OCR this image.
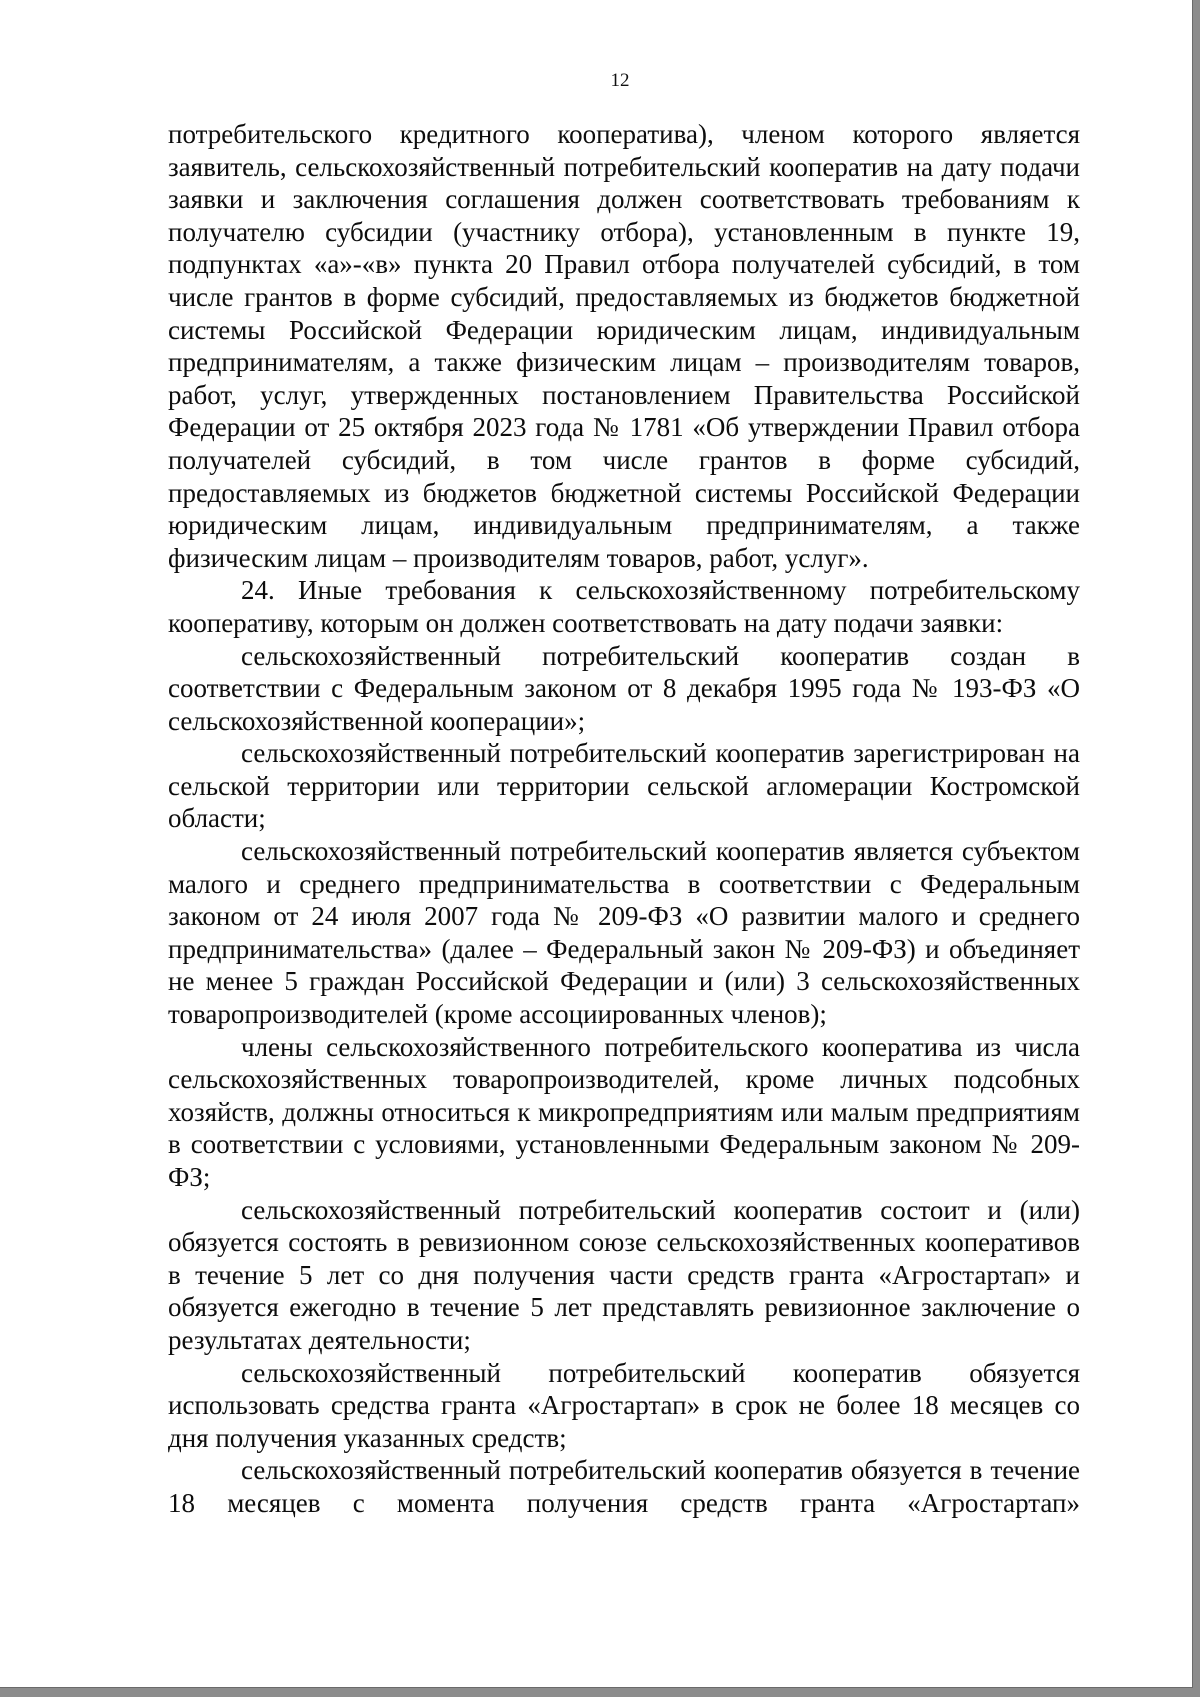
12

потребительского кредитного кооператива), членом которого является заявитель, сельскохозяйственный потребительский кооператив на дату подачи заявки и заключения соглашения должен соответствовать требованиям к получателю субсидии (участнику отбора), установленным в пункте 19, подпунктах «а»-«в» пункта 20 Правил отбора получателей субсидий, в том числе грантов в форме субсидий, предоставляемых из бюджетов бюджетной системы Российской Федерации юридическим лицам, индивидуальным предпринимателям, а также физическим лицам – производителям товаров, работ, услуг, утвержденных постановлением Правительства Российской Федерации от 25 октября 2023 года № 1781 «Об утверждении Правил отбора получателей субсидий, в том числе грантов в форме субсидий, предоставляемых из бюджетов бюджетной системы Российской Федерации юридическим лицам, индивидуальным предпринимателям, а также физическим лицам – производителям товаров, работ, услуг».

24. Иные требования к сельскохозяйственному потребительскому кооперативу, которым он должен соответствовать на дату подачи заявки:

сельскохозяйственный потребительский кооператив создан в соответствии с Федеральным законом от 8 декабря 1995 года № 193-ФЗ «О сельскохозяйственной кооперации»;

сельскохозяйственный потребительский кооператив зарегистрирован на сельской территории или территории сельской агломерации Костромской области;

сельскохозяйственный потребительский кооператив является субъектом малого и среднего предпринимательства в соответствии с Федеральным законом от 24 июля 2007 года № 209-ФЗ «О развитии малого и среднего предпринимательства» (далее – Федеральный закон № 209-ФЗ) и объединяет не менее 5 граждан Российской Федерации и (или) 3 сельскохозяйственных товаропроизводителей (кроме ассоциированных членов);

члены сельскохозяйственного потребительского кооператива из числа сельскохозяйственных товаропроизводителей, кроме личных подсобных хозяйств, должны относиться к микропредприятиям или малым предприятиям в соответствии с условиями, установленными Федеральным законом № 209-ФЗ;

сельскохозяйственный потребительский кооператив состоит и (или) обязуется состоять в ревизионном союзе сельскохозяйственных кооперативов в течение 5 лет со дня получения части средств гранта «Агростартап» и обязуется ежегодно в течение 5 лет представлять ревизионное заключение о результатах деятельности;

сельскохозяйственный потребительский кооператив обязуется использовать средства гранта «Агростартап» в срок не более 18 месяцев со дня получения указанных средств;

сельскохозяйственный потребительский кооператив обязуется в течение 18 месяцев с момента получения средств гранта «Агростартап»
